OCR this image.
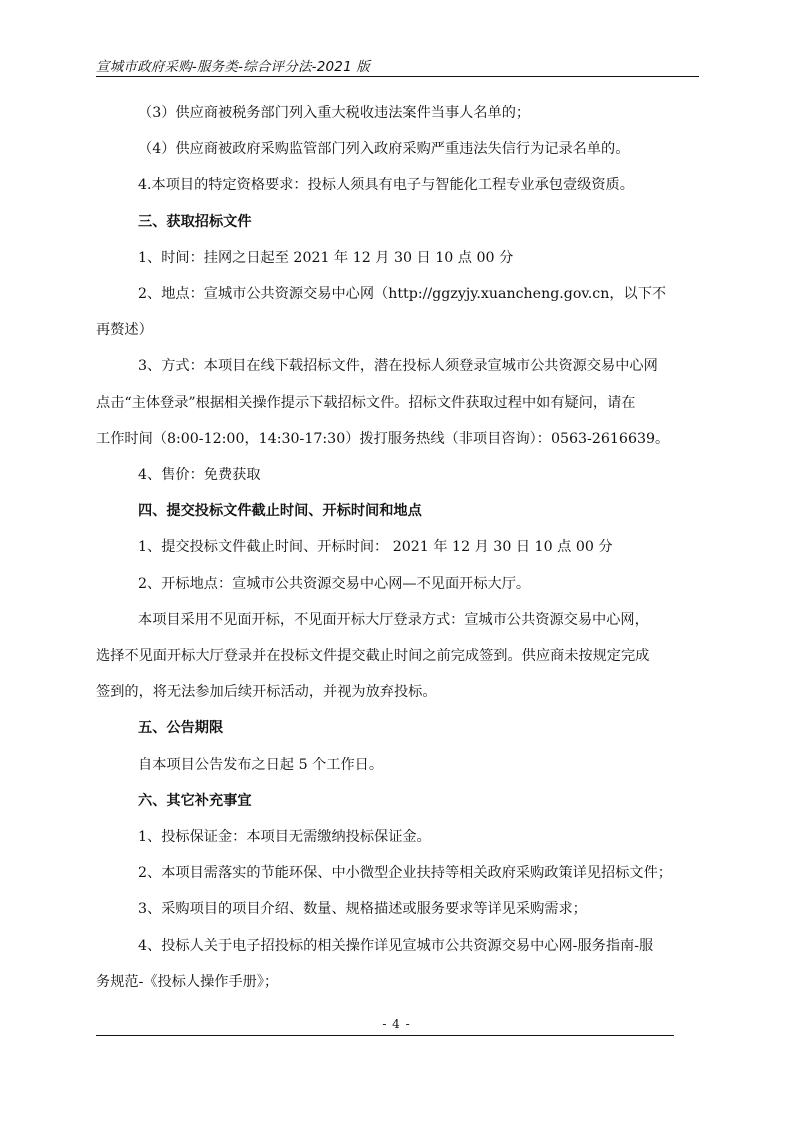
宣城市政府采购-服务类-综合评分法-2021 版

（3）供应商被税务部门列入重大税收违法案件当事人名单的；

（4）供应商被政府采购监管部门列入政府采购严重违法失信行为记录名单的。

4.本项目的特定资格要求：投标人须具有电子与智能化工程专业承包壹级资质。

三、获取招标文件

1、时间：挂网之日起至 2021 年 12 月 30 日 10 点 00 分

2、地点：宣城市公共资源交易中心网（http://ggzyjy.xuancheng.gov.cn，以下不

再赘述）

3、方式：本项目在线下载招标文件，潜在投标人须登录宣城市公共资源交易中心网

点击“主体登录”根据相关操作提示下载招标文件。招标文件获取过程中如有疑问，请在

工作时间（8:00-12:00，14:30-17:30）拨打服务热线（非项目咨询）：0563-2616639。

4、售价：免费获取

四、提交投标文件截止时间、开标时间和地点

1、提交投标文件截止时间、开标时间： 2021 年 12 月 30 日 10 点 00 分

2、开标地点：宣城市公共资源交易中心网—不见面开标大厅。

本项目采用不见面开标，不见面开标大厅登录方式：宣城市公共资源交易中心网，

选择不见面开标大厅登录并在投标文件提交截止时间之前完成签到。供应商未按规定完成

签到的，将无法参加后续开标活动，并视为放弃投标。

五、公告期限

自本项目公告发布之日起 5 个工作日。

六、其它补充事宜

1、投标保证金：本项目无需缴纳投标保证金。

2、本项目需落实的节能环保、中小微型企业扶持等相关政府采购政策详见招标文件；

3、采购项目的项目介绍、数量、规格描述或服务要求等详见采购需求；

4、投标人关于电子招投标的相关操作详见宣城市公共资源交易中心网-服务指南-服

务规范-《投标人操作手册》；

- 4 -
